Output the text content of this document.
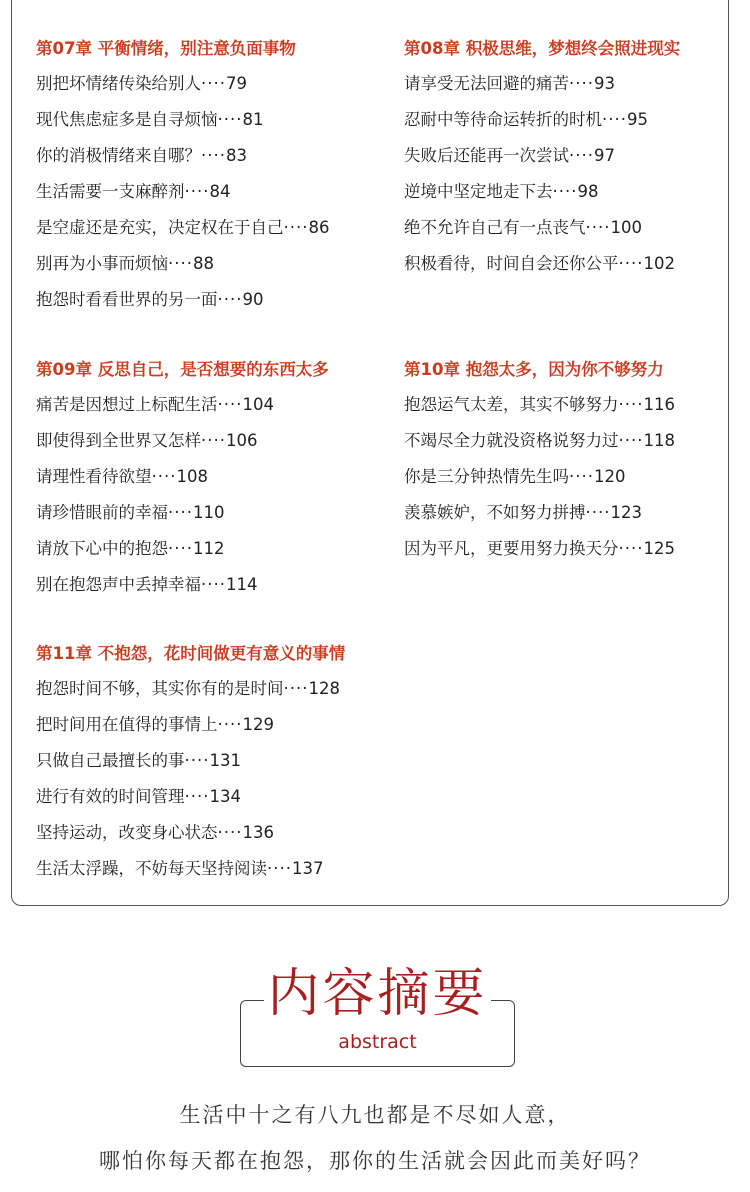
第07章 平衡情绪，别注意负面事物
别把坏情绪传染给别人····79
现代焦虑症多是自寻烦恼····81
你的消极情绪来自哪？····83
生活需要一支麻醉剂····84
是空虚还是充实，决定权在于自己····86
别再为小事而烦恼····88
抱怨时看看世界的另一面····90
第08章 积极思维，梦想终会照进现实
请享受无法回避的痛苦····93
忍耐中等待命运转折的时机····95
失败后还能再一次尝试····97
逆境中坚定地走下去····98
绝不允许自己有一点丧气····100
积极看待，时间自会还你公平····102
第09章 反思自己，是否想要的东西太多
痛苦是因想过上标配生活····104
即使得到全世界又怎样····106
请理性看待欲望····108
请珍惜眼前的幸福····110
请放下心中的抱怨····112
别在抱怨声中丢掉幸福····114
第10章 抱怨太多，因为你不够努力
抱怨运气太差，其实不够努力····116
不竭尽全力就没资格说努力过····118
你是三分钟热情先生吗····120
羡慕嫉妒，不如努力拼搏····123
因为平凡，更要用努力换天分····125
第11章 不抱怨，花时间做更有意义的事情
抱怨时间不够，其实你有的是时间····128
把时间用在值得的事情上····129
只做自己最擅长的事····131
进行有效的时间管理····134
坚持运动，改变身心状态····136
生活太浮躁，不妨每天坚持阅读····137
内容摘要
abstract

生活中十之有八九也都是不尽如人意，

哪怕你每天都在抱怨，那你的生活就会因此而美好吗？
